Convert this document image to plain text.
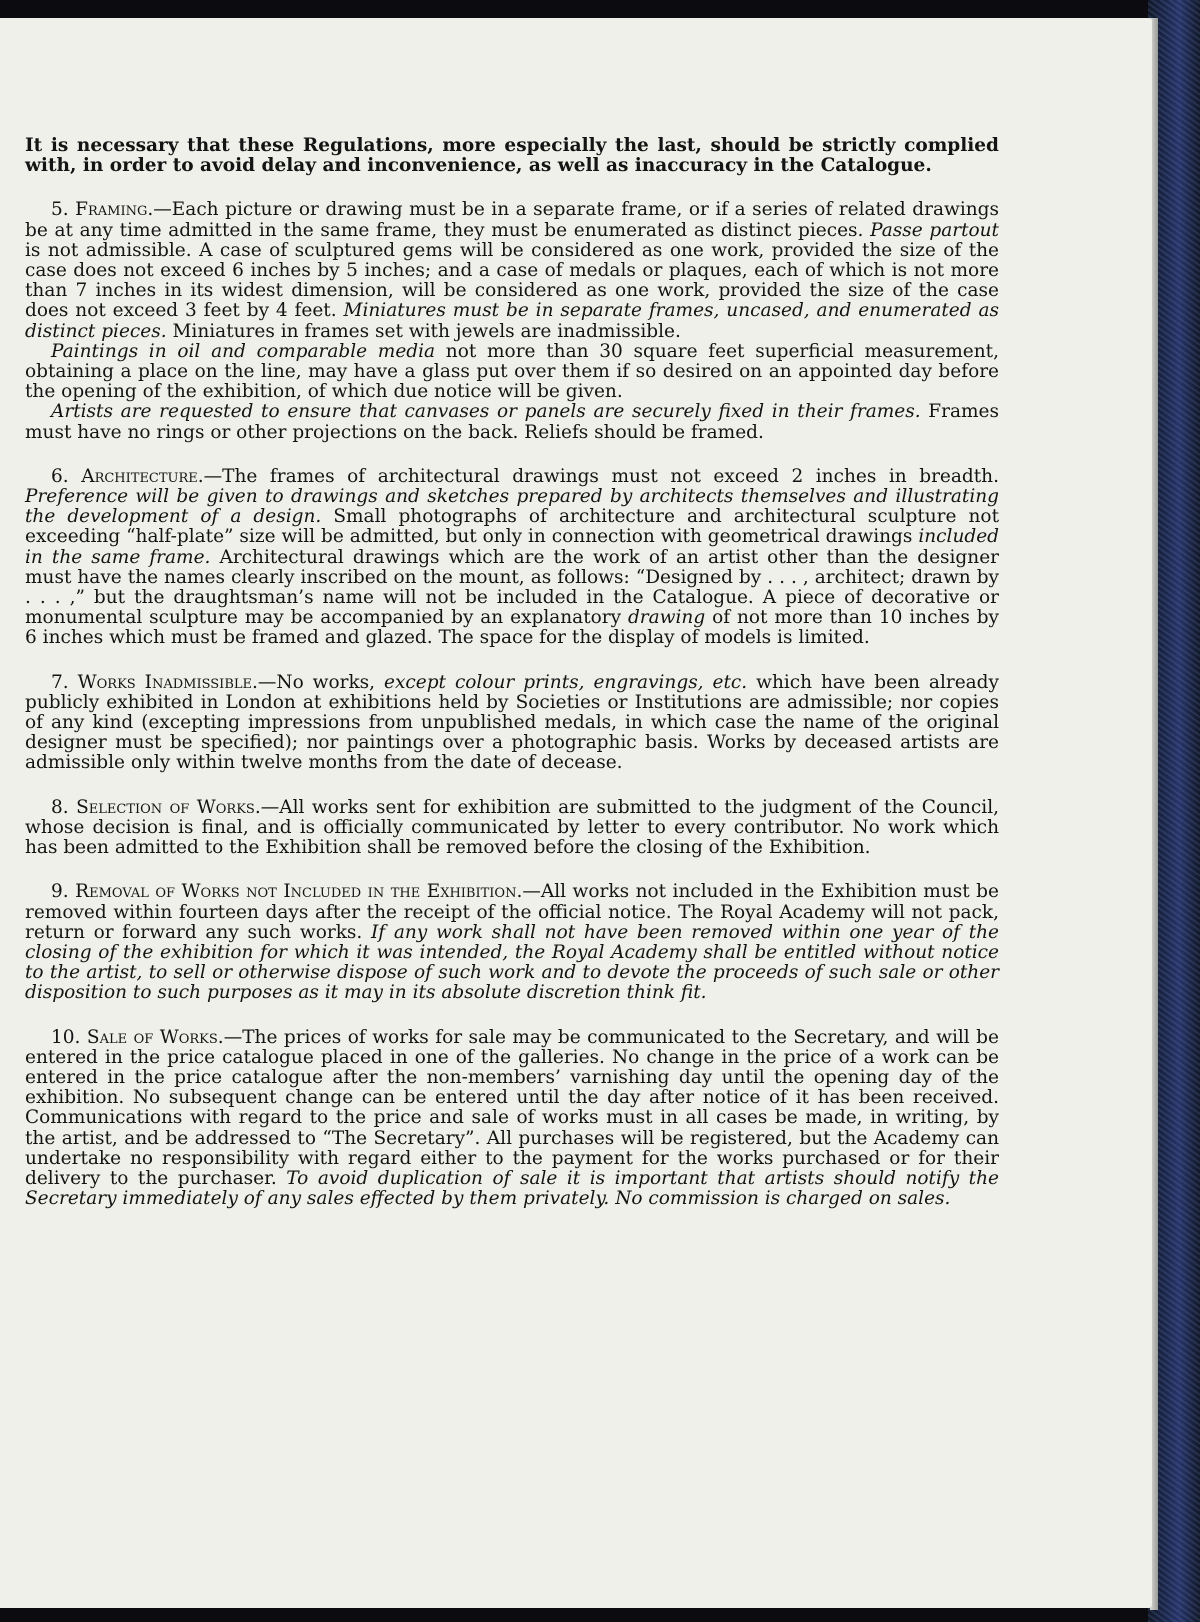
It is necessary that these Regulations, more especially the last, should be strictly complied with, in order to avoid delay and inconvenience, as well as inaccuracy in the Catalogue.

5. Framing.—Each picture or drawing must be in a separate frame, or if a series of related drawings be at any time admitted in the same frame, they must be enumerated as distinct pieces. Passe partout is not admissible. A case of sculptured gems will be considered as one work, provided the size of the case does not exceed 6 inches by 5 inches; and a case of medals or plaques, each of which is not more than 7 inches in its widest dimension, will be considered as one work, provided the size of the case does not exceed 3 feet by 4 feet. Miniatures must be in separate frames, uncased, and enumerated as distinct pieces. Miniatures in frames set with jewels are inadmissible.

Paintings in oil and comparable media not more than 30 square feet superficial measurement, obtaining a place on the line, may have a glass put over them if so desired on an appointed day before the opening of the exhibition, of which due notice will be given.

Artists are requested to ensure that canvases or panels are securely fixed in their frames. Frames must have no rings or other projections on the back. Reliefs should be framed.

6. Architecture.—The frames of architectural drawings must not exceed 2 inches in breadth. Preference will be given to drawings and sketches prepared by architects themselves and illustrating the development of a design. Small photographs of architecture and architectural sculpture not exceeding “half-plate” size will be admitted, but only in connection with geometrical drawings included in the same frame. Architectural drawings which are the work of an artist other than the designer must have the names clearly inscribed on the mount, as follows: “Designed by . . . , architect; drawn by . . . ,” but the draughtsman’s name will not be included in the Catalogue. A piece of decorative or monumental sculpture may be accompanied by an explanatory drawing of not more than 10 inches by 6 inches which must be framed and glazed. The space for the display of models is limited.

7. Works Inadmissible.—No works, except colour prints, engravings, etc. which have been already publicly exhibited in London at exhibitions held by Societies or Institutions are admissible; nor copies of any kind (excepting impressions from unpublished medals, in which case the name of the original designer must be specified); nor paintings over a photographic basis. Works by deceased artists are admissible only within twelve months from the date of decease.

8. Selection of Works.—All works sent for exhibition are submitted to the judgment of the Council, whose decision is final, and is officially communicated by letter to every contributor. No work which has been admitted to the Exhibition shall be removed before the closing of the Exhibition.

9. Removal of Works not Included in the Exhibition.—All works not included in the Exhibition must be removed within fourteen days after the receipt of the official notice. The Royal Academy will not pack, return or forward any such works. If any work shall not have been removed within one year of the closing of the exhibition for which it was intended, the Royal Academy shall be entitled without notice to the artist, to sell or otherwise dispose of such work and to devote the proceeds of such sale or other disposition to such purposes as it may in its absolute discretion think fit.

10. Sale of Works.—The prices of works for sale may be communicated to the Secretary, and will be entered in the price catalogue placed in one of the galleries. No change in the price of a work can be entered in the price catalogue after the non-members’ varnishing day until the opening day of the exhibition. No subsequent change can be entered until the day after notice of it has been received. Communications with regard to the price and sale of works must in all cases be made, in writing, by the artist, and be addressed to “The Secretary”. All purchases will be registered, but the Academy can undertake no responsibility with regard either to the payment for the works purchased or for their delivery to the purchaser. To avoid duplication of sale it is important that artists should notify the Secretary immediately of any sales effected by them privately. No commission is charged on sales.
